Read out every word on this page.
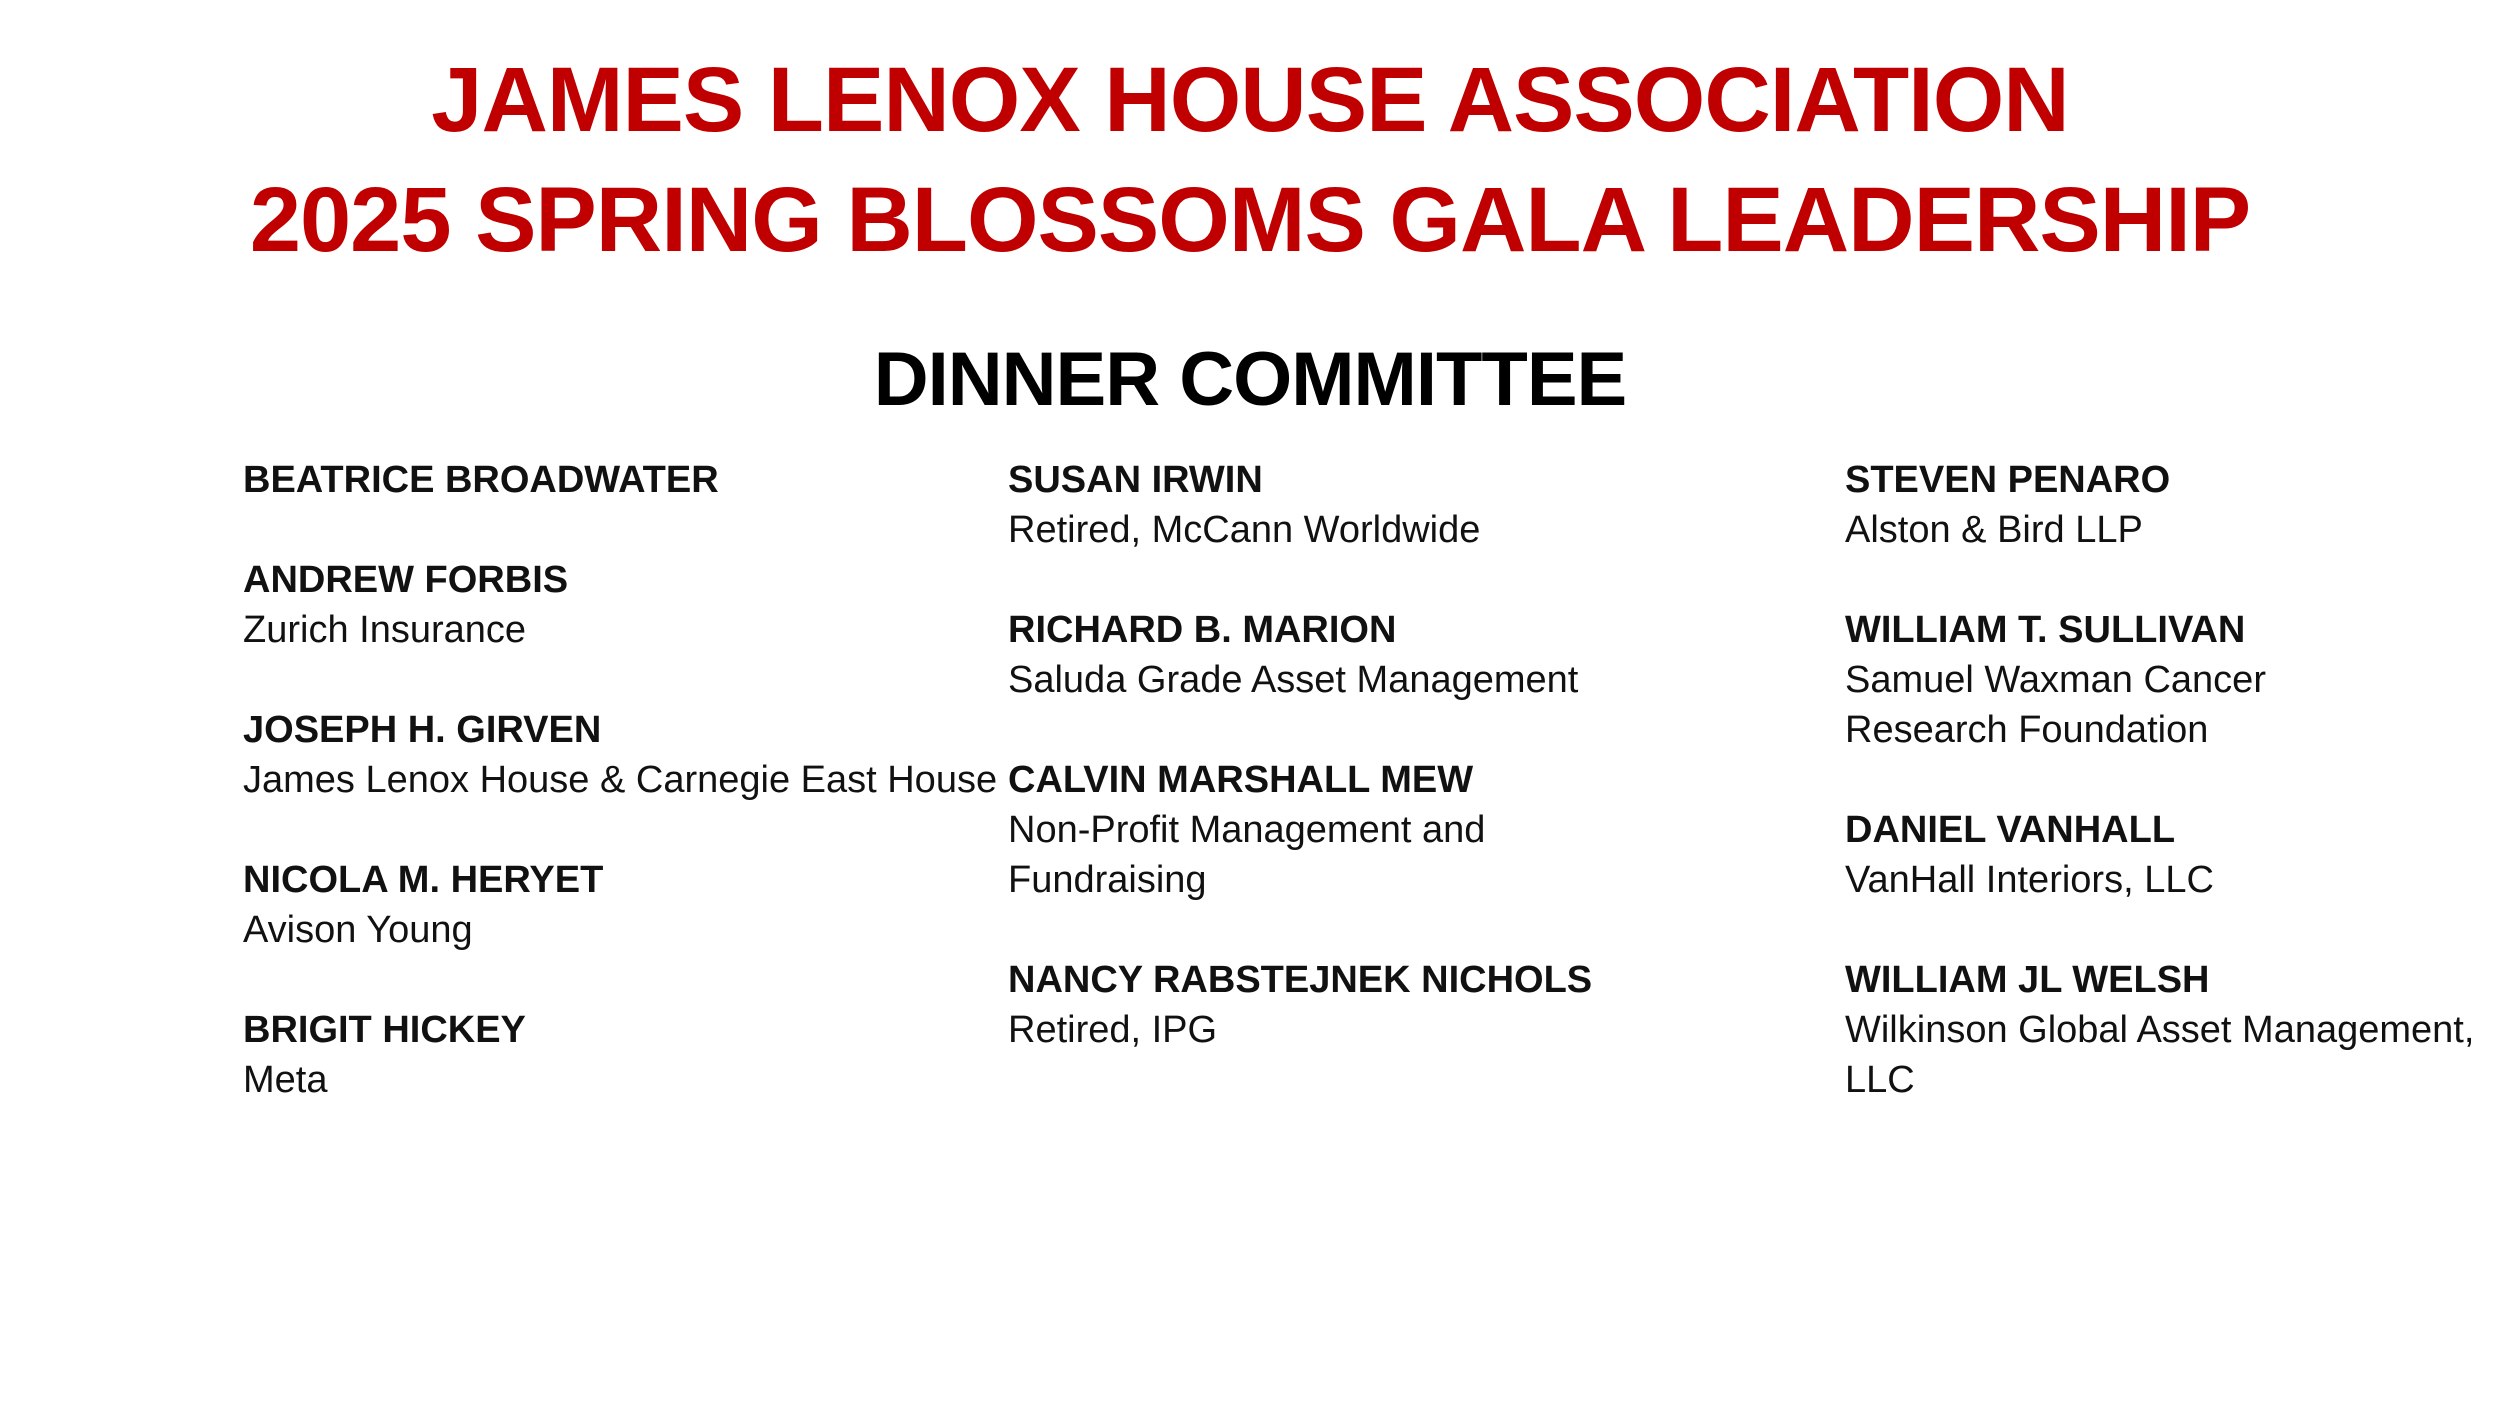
JAMES LENOX HOUSE ASSOCIATION
2025 SPRING BLOSSOMS GALA LEADERSHIP
DINNER COMMITTEE
BEATRICE BROADWATER
ANDREW FORBIS
Zurich Insurance
JOSEPH H. GIRVEN
James Lenox House & Carnegie East House
NICOLA M. HERYET
Avison Young
BRIGIT HICKEY
Meta
SUSAN IRWIN
Retired, McCann Worldwide
RICHARD B. MARION
Saluda Grade Asset Management
CALVIN MARSHALL MEW
Non-Profit Management and
Fundraising
NANCY RABSTEJNEK NICHOLS
Retired, IPG
STEVEN PENARO
Alston & Bird LLP
WILLIAM T. SULLIVAN
Samuel Waxman Cancer
Research Foundation
DANIEL VANHALL
VanHall Interiors, LLC
WILLIAM JL WELSH
Wilkinson Global Asset Management,
LLC
